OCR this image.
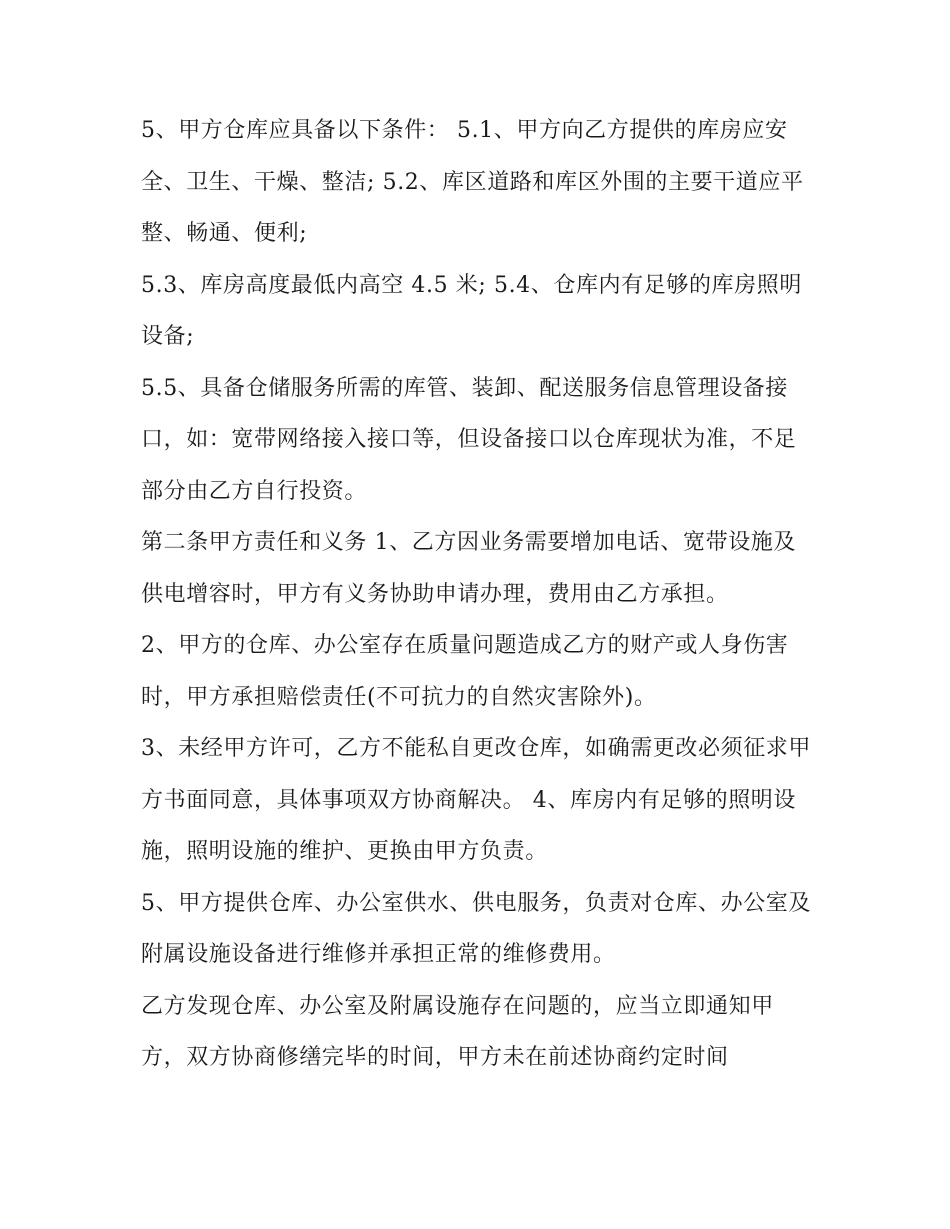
5、甲方仓库应具备以下条件： 5.1、甲方向乙方提供的库房应安全、卫生、干燥、整洁; 5.2、库区道路和库区外围的主要干道应平整、畅通、便利;

5.3、库房高度最低内高空 4.5 米; 5.4、仓库内有足够的库房照明设备;

5.5、具备仓储服务所需的库管、装卸、配送服务信息管理设备接口，如：宽带网络接入接口等，但设备接口以仓库现状为准，不足部分由乙方自行投资。

第二条甲方责任和义务 1、乙方因业务需要增加电话、宽带设施及供电增容时，甲方有义务协助申请办理，费用由乙方承担。

2、甲方的仓库、办公室存在质量问题造成乙方的财产或人身伤害时，甲方承担赔偿责任(不可抗力的自然灾害除外)。

3、未经甲方许可，乙方不能私自更改仓库，如确需更改必须征求甲方书面同意，具体事项双方协商解决。 4、库房内有足够的照明设施，照明设施的维护、更换由甲方负责。

5、甲方提供仓库、办公室供水、供电服务，负责对仓库、办公室及附属设施设备进行维修并承担正常的维修费用。

乙方发现仓库、办公室及附属设施存在问题的，应当立即通知甲方，双方协商修缮完毕的时间，甲方未在前述协商约定时间
